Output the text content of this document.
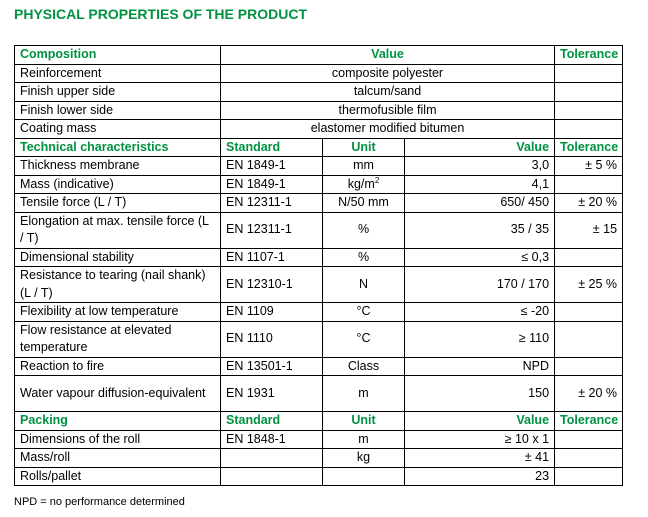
PHYSICAL PROPERTIES OF THE PRODUCT
Composition	Value			Tolerance
Reinforcement	composite polyester			
Finish upper side	talcum/sand			
Finish lower side	thermofusible film			
Coating mass	elastomer modified bitumen			
Technical characteristics	Standard	Unit	Value	Tolerance
Thickness membrane	EN 1849-1	mm	3,0	± 5 %
Mass (indicative)	EN 1849-1	$kg/m^2$	4,1	
Tensile force (L / T)	EN 12311-1	N/50 mm	650/ 450	± 20 %
Elongation at max. tensile force (L / T)	EN 12311-1	%	35 / 35	± 15
Dimensional stability	EN 1107-1	%	≤ 0,3	
Resistance to tearing (nail shank) (L / T)	EN 12310-1	N	170 / 170	± 25 %
Flexibility at low temperature	EN 1109	°C	≤ -20	
Flow resistance at elevated temperature	EN 1110	°C	≥ 110	
Reaction to fire	EN 13501-1	Class	NPD	
Water vapour diffusion-equivalent	EN 1931	m	150	± 20 %
Packing	Standard	Unit	Value	Tolerance
Dimensions of the roll	EN 1848-1	m	≥ 10 x 1	
Mass/roll		kg	± 41	
Rolls/pallet			23	
NPD = no performance determined
